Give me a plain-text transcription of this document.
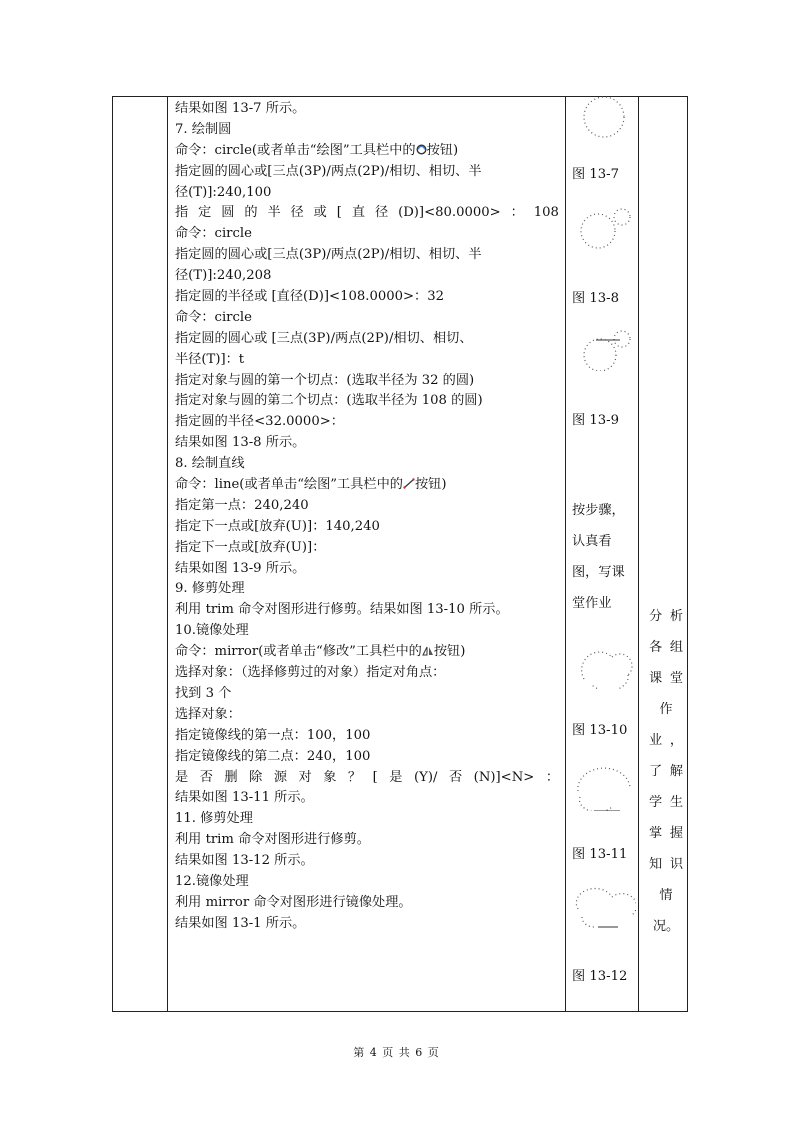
结果如图 13-7 所示。
7. 绘制圆
命令：circle(或者单击“绘图”工具栏中的 按钮)
指定圆的圆心或[三点(3P)/两点(2P)/相切、相切、半
径(T)]:240,100
指 定 圆 的 半 径 或 [ 直 径 (D)]<80.0000> ： 108
命令：circle
指定圆的圆心或[三点(3P)/两点(2P)/相切、相切、半
径(T)]:240,208
指定圆的半径或 [直径(D)]<108.0000>：32
命令：circle
指定圆的圆心或 [三点(3P)/两点(2P)/相切、相切、
半径(T)]：t
指定对象与圆的第一个切点：(选取半径为 32 的圆)
指定对象与圆的第二个切点：(选取半径为 108 的圆)
指定圆的半径<32.0000>：
结果如图 13-8 所示。
8. 绘制直线
命令：line(或者单击“绘图”工具栏中的 按钮)
指定第一点：240,240
指定下一点或[放弃(U)]：140,240
指定下一点或[放弃(U)]：
结果如图 13-9 所示。
9. 修剪处理
利用 trim 命令对图形进行修剪。结果如图 13-10 所示。
10.镜像处理
命令：mirror(或者单击“修改”工具栏中的 按钮)
选择对象：（选择修剪过的对象）指定对角点：
找到 3 个
选择对象：
指定镜像线的第一点：100，100
指定镜像线的第二点：240，100
是 否 删 除 源 对 象 ？ [ 是 (Y)/ 否 (N)]<N> ：
结果如图 13-11 所示。
11. 修剪处理
利用 trim 命令对图形进行修剪。
结果如图 13-12 所示。
12.镜像处理
利用 mirror 命令对图形进行镜像处理。
结果如图 13-1 所示。
图 13-7
图 13-8
图 13-9
图 13-10
图 13-11
图 13-12
按步骤，
认真看
图，写课
堂作业
分 析
各 组
课 堂
作
业 ，
了 解
学 生
掌 握
知 识
情
况。
第 4 页 共 6 页
